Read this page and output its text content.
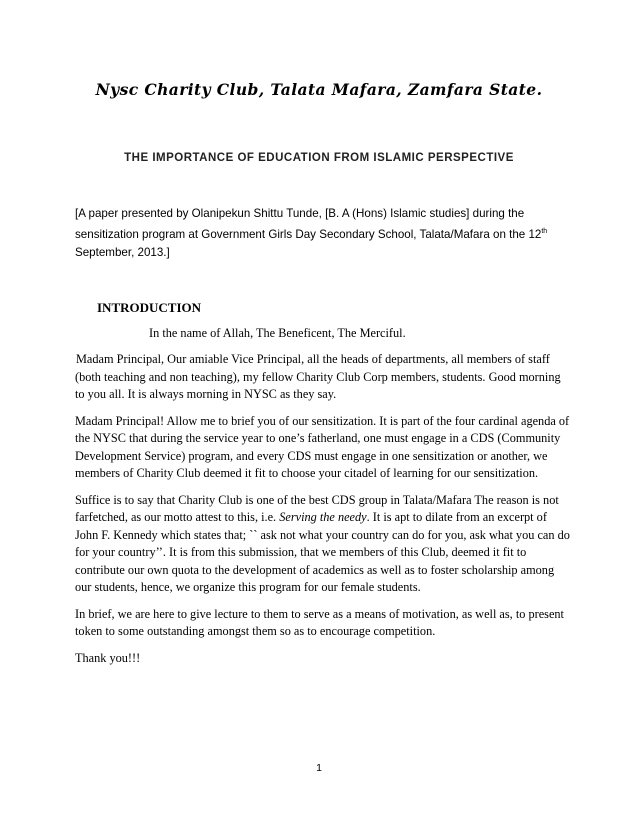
Nysc Charity Club, Talata Mafara, Zamfara State.
THE IMPORTANCE OF EDUCATION FROM ISLAMIC PERSPECTIVE
[A paper presented by Olanipekun Shittu Tunde, [B. A (Hons) Islamic studies] during the
sensitization program at Government Girls Day Secondary School, Talata/Mafara on the 12th
September, 2013.]
INTRODUCTION
In the name of Allah, The Beneficent, The Merciful.

Madam Principal, Our amiable Vice Principal, all the heads of departments, all members of staff (both teaching and non teaching), my fellow Charity Club Corp members, students. Good morning to you all. It is always morning in NYSC as they say.

Madam Principal! Allow me to brief you of our sensitization. It is part of the four cardinal agenda of the NYSC that during the service year to one’s fatherland, one must engage in a CDS (Community Development Service) program, and every CDS must engage in one sensitization or another, we members of Charity Club deemed it fit to choose your citadel of learning for our sensitization.

Suffice is to say that Charity Club is one of the best CDS group in Talata/Mafara The reason is not farfetched, as our motto attest to this, i.e. Serving the needy. It is apt to dilate from an excerpt of John F. Kennedy which states that; `` ask not what your country can do for you, ask what you can do for your country’’. It is from this submission, that we members of this Club, deemed it fit to contribute our own quota to the development of academics as well as to foster scholarship among our students, hence, we organize this program for our female students.

In brief, we are here to give lecture to them to serve as a means of motivation, as well as, to present token to some outstanding amongst them so as to encourage competition.

Thank you!!!

1
